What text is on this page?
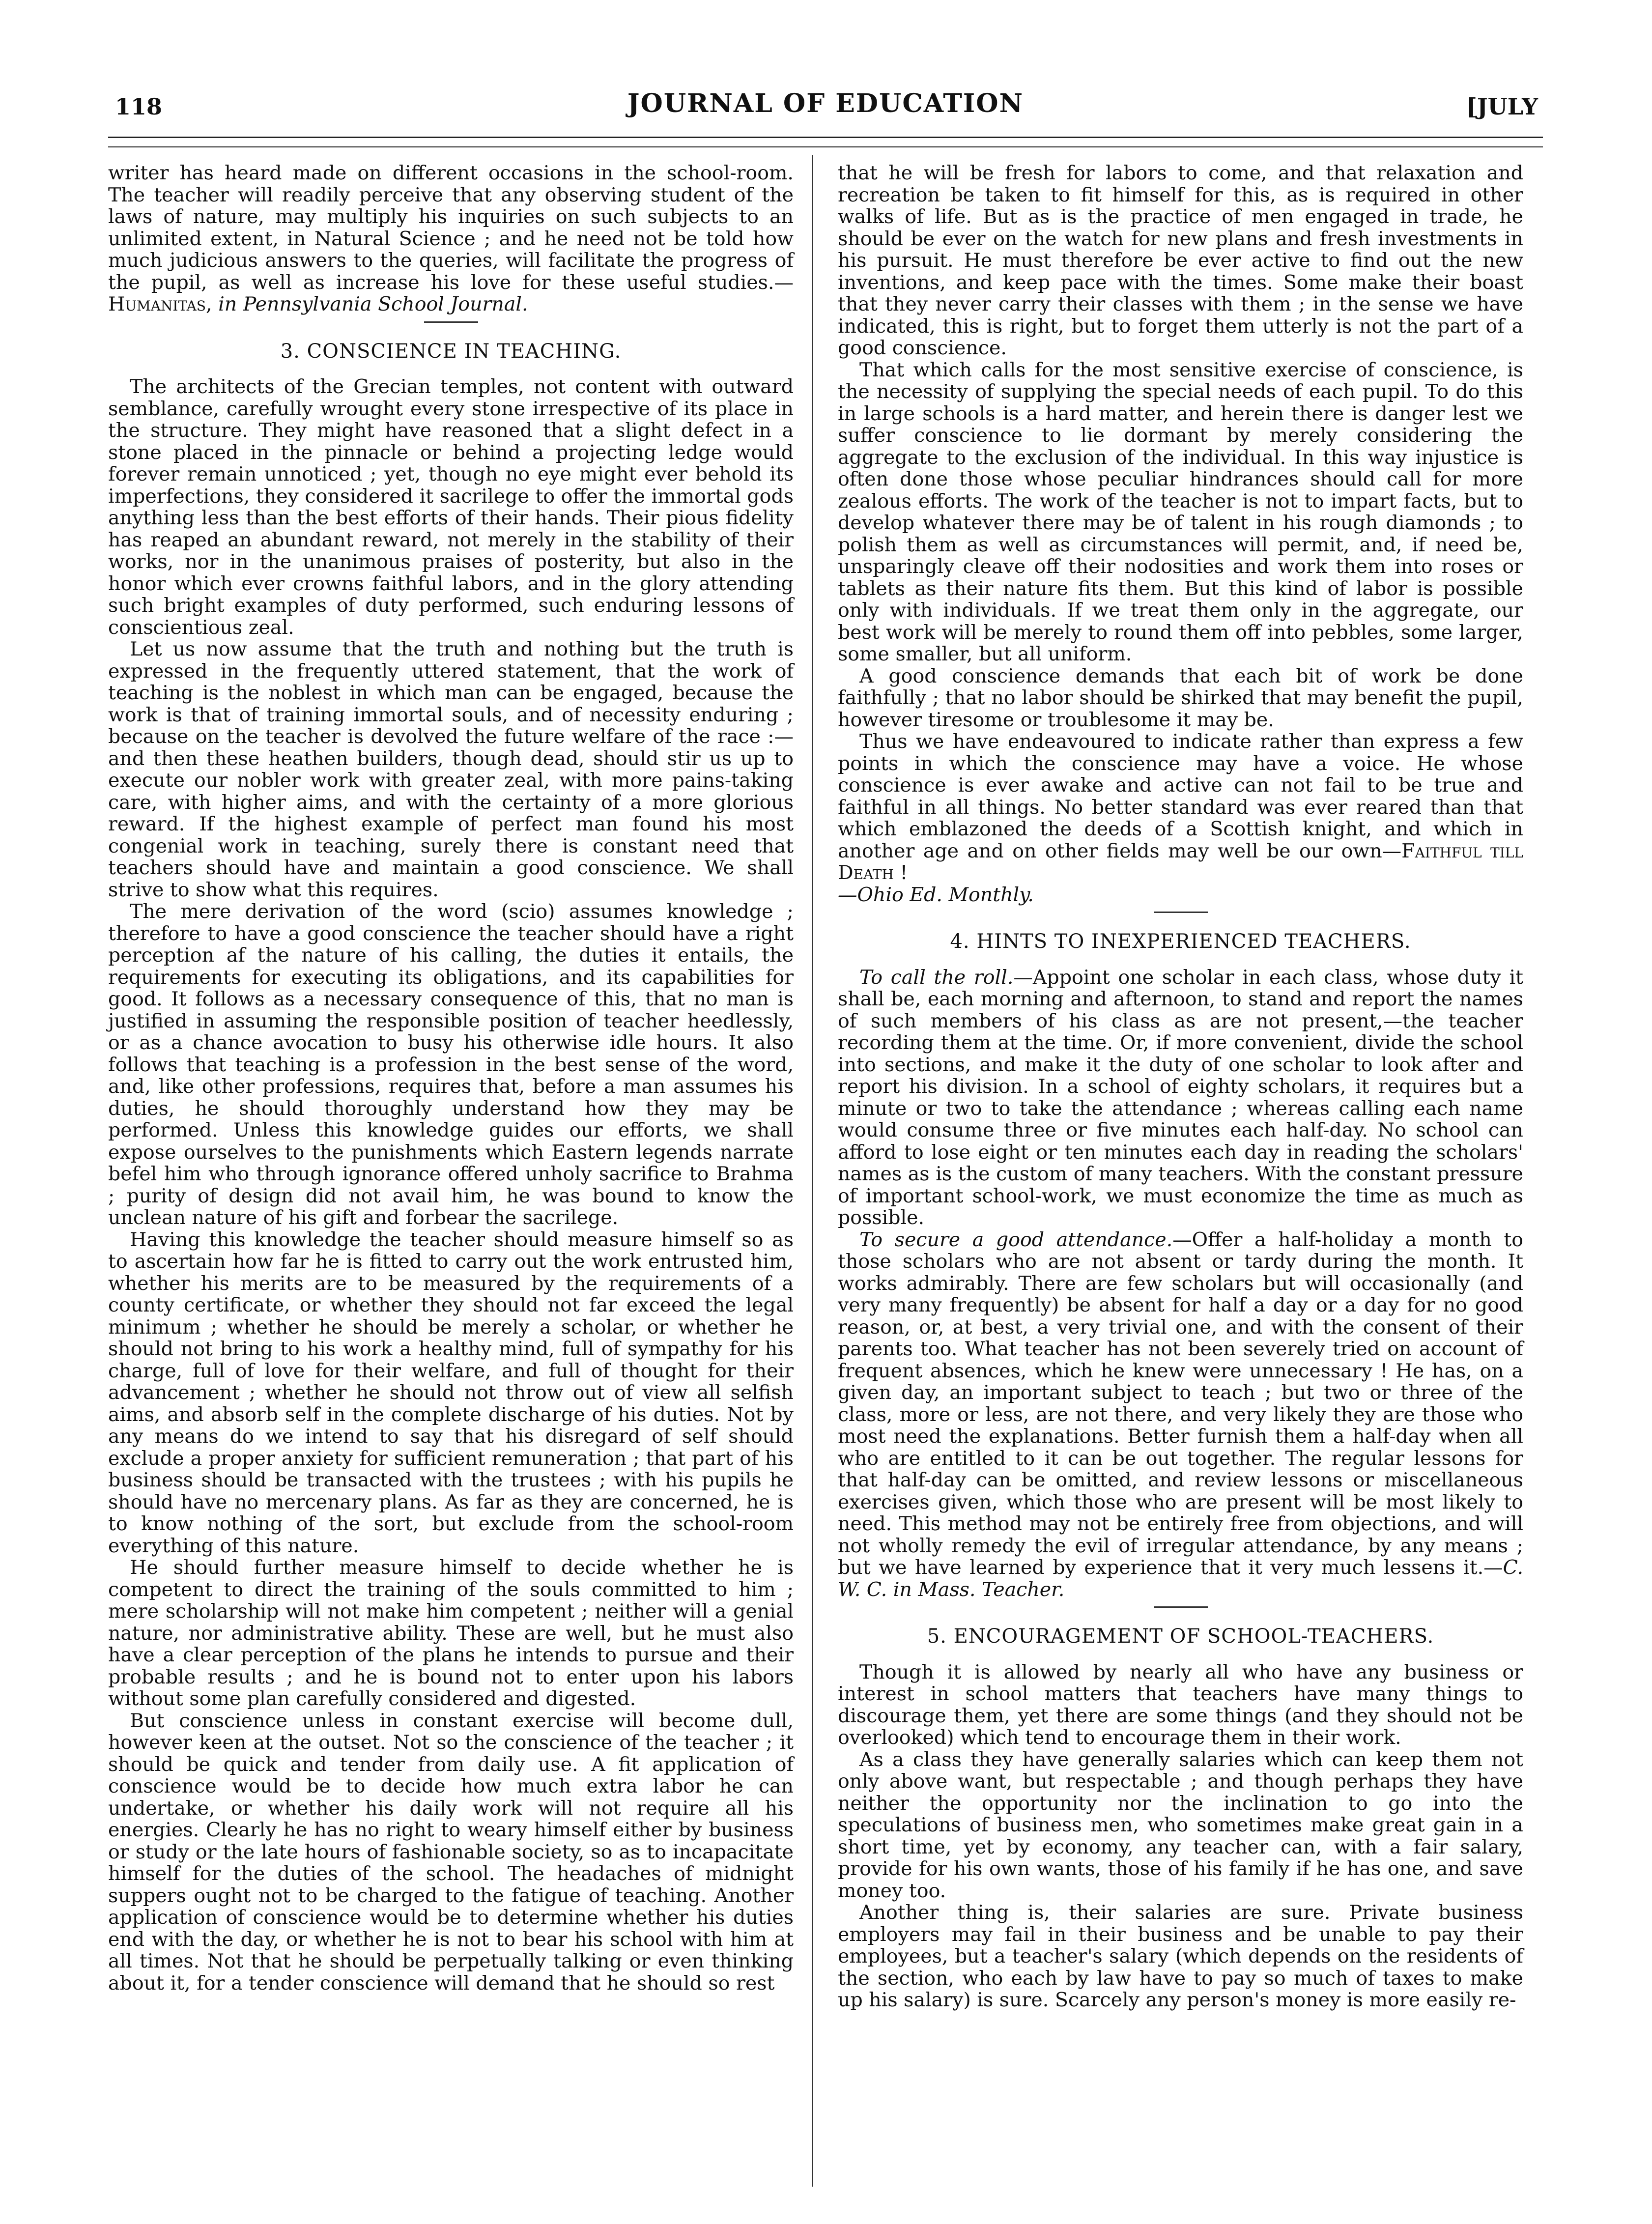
118	JOURNAL OF EDUCATION	[JULY

writer has heard made on different occasions in the school-room. The teacher will readily perceive that any observing student of the laws of nature, may multiply his inquiries on such subjects to an unlimited extent, in Natural Science ; and he need not be told how much judicious answers to the queries, will facilitate the progress of the pupil, as well as increase his love for these useful studies.—Humanitas, in Pennsylvania School Journal.

3. CONSCIENCE IN TEACHING.

The architects of the Grecian temples, not content with outward semblance, carefully wrought every stone irrespective of its place in the structure. They might have reasoned that a slight defect in a stone placed in the pinnacle or behind a projecting ledge would forever remain unnoticed ; yet, though no eye might ever behold its imperfections, they considered it sacrilege to offer the immortal gods anything less than the best efforts of their hands. Their pious fidelity has reaped an abundant reward, not merely in the stability of their works, nor in the unanimous praises of posterity, but also in the honor which ever crowns faithful labors, and in the glory attending such bright examples of duty performed, such enduring lessons of conscientious zeal.

Let us now assume that the truth and nothing but the truth is expressed in the frequently uttered statement, that the work of teaching is the noblest in which man can be engaged, because the work is that of training immortal souls, and of necessity enduring ; because on the teacher is devolved the future welfare of the race :—and then these heathen builders, though dead, should stir us up to execute our nobler work with greater zeal, with more pains-taking care, with higher aims, and with the certainty of a more glorious reward. If the highest example of perfect man found his most congenial work in teaching, surely there is constant need that teachers should have and maintain a good conscience. We shall strive to show what this requires.

The mere derivation of the word (scio) assumes knowledge ; therefore to have a good conscience the teacher should have a right perception af the nature of his calling, the duties it entails, the requirements for executing its obligations, and its capabilities for good. It follows as a necessary consequence of this, that no man is justified in assuming the responsible position of teacher heedlessly, or as a chance avocation to busy his otherwise idle hours. It also follows that teaching is a profession in the best sense of the word, and, like other professions, requires that, before a man assumes his duties, he should thoroughly understand how they may be performed. Unless this knowledge guides our efforts, we shall expose ourselves to the punishments which Eastern legends narrate befel him who through ignorance offered unholy sacrifice to Brahma ; purity of design did not avail him, he was bound to know the unclean nature of his gift and forbear the sacrilege.

Having this knowledge the teacher should measure himself so as to ascertain how far he is fitted to carry out the work entrusted him, whether his merits are to be measured by the requirements of a county certificate, or whether they should not far exceed the legal minimum ; whether he should be merely a scholar, or whether he should not bring to his work a healthy mind, full of sympathy for his charge, full of love for their welfare, and full of thought for their advancement ; whether he should not throw out of view all selfish aims, and absorb self in the complete discharge of his duties. Not by any means do we intend to say that his disregard of self should exclude a proper anxiety for sufficient remuneration ; that part of his business should be transacted with the trustees ; with his pupils he should have no mercenary plans. As far as they are concerned, he is to know nothing of the sort, but exclude from the school-room everything of this nature.

He should further measure himself to decide whether he is competent to direct the training of the souls committed to him ; mere scholarship will not make him competent ; neither will a genial nature, nor administrative ability. These are well, but he must also have a clear perception of the plans he intends to pursue and their probable results ; and he is bound not to enter upon his labors without some plan carefully considered and digested.

But conscience unless in constant exercise will become dull, however keen at the outset. Not so the conscience of the teacher ; it should be quick and tender from daily use. A fit application of conscience would be to decide how much extra labor he can undertake, or whether his daily work will not require all his energies. Clearly he has no right to weary himself either by business or study or the late hours of fashionable society, so as to incapacitate himself for the duties of the school. The headaches of midnight suppers ought not to be charged to the fatigue of teaching. Another application of conscience would be to determine whether his duties end with the day, or whether he is not to bear his school with him at all times. Not that he should be perpetually talking or even thinking about it, for a tender conscience will demand that he should so rest

that he will be fresh for labors to come, and that relaxation and recreation be taken to fit himself for this, as is required in other walks of life. But as is the practice of men engaged in trade, he should be ever on the watch for new plans and fresh investments in his pursuit. He must therefore be ever active to find out the new inventions, and keep pace with the times. Some make their boast that they never carry their classes with them ; in the sense we have indicated, this is right, but to forget them utterly is not the part of a good conscience.

That which calls for the most sensitive exercise of conscience, is the necessity of supplying the special needs of each pupil. To do this in large schools is a hard matter, and herein there is danger lest we suffer conscience to lie dormant by merely considering the aggregate to the exclusion of the individual. In this way injustice is often done those whose peculiar hindrances should call for more zealous efforts. The work of the teacher is not to impart facts, but to develop whatever there may be of talent in his rough diamonds ; to polish them as well as circumstances will permit, and, if need be, unsparingly cleave off their nodosities and work them into roses or tablets as their nature fits them. But this kind of labor is possible only with individuals. If we treat them only in the aggregate, our best work will be merely to round them off into pebbles, some larger, some smaller, but all uniform.

A good conscience demands that each bit of work be done faithfully ; that no labor should be shirked that may benefit the pupil, however tiresome or troublesome it may be.

Thus we have endeavoured to indicate rather than express a few points in which the conscience may have a voice. He whose conscience is ever awake and active can not fail to be true and faithful in all things. No better standard was ever reared than that which emblazoned the deeds of a Scottish knight, and which in another age and on other fields may well be our own—Faithful till Death !
—Ohio Ed. Monthly.

4. HINTS TO INEXPERIENCED TEACHERS.

To call the roll.—Appoint one scholar in each class, whose duty it shall be, each morning and afternoon, to stand and report the names of such members of his class as are not present,—the teacher recording them at the time. Or, if more convenient, divide the school into sections, and make it the duty of one scholar to look after and report his division. In a school of eighty scholars, it requires but a minute or two to take the attendance ; whereas calling each name would consume three or five minutes each half-day. No school can afford to lose eight or ten minutes each day in reading the scholars' names as is the custom of many teachers. With the constant pressure of important school-work, we must economize the time as much as possible.

To secure a good attendance.—Offer a half-holiday a month to those scholars who are not absent or tardy during the month. It works admirably. There are few scholars but will occasionally (and very many frequently) be absent for half a day or a day for no good reason, or, at best, a very trivial one, and with the consent of their parents too. What teacher has not been severely tried on account of frequent absences, which he knew were unnecessary ! He has, on a given day, an important subject to teach ; but two or three of the class, more or less, are not there, and very likely they are those who most need the explanations. Better furnish them a half-day when all who are entitled to it can be out together. The regular lessons for that half-day can be omitted, and review lessons or miscellaneous exercises given, which those who are present will be most likely to need. This method may not be entirely free from objections, and will not wholly remedy the evil of irregular attendance, by any means ; but we have learned by experience that it very much lessens it.—C. W. C. in Mass. Teacher.

5. ENCOURAGEMENT OF SCHOOL-TEACHERS.

Though it is allowed by nearly all who have any business or interest in school matters that teachers have many things to discourage them, yet there are some things (and they should not be overlooked) which tend to encourage them in their work.

As a class they have generally salaries which can keep them not only above want, but respectable ; and though perhaps they have neither the opportunity nor the inclination to go into the speculations of business men, who sometimes make great gain in a short time, yet by economy, any teacher can, with a fair salary, provide for his own wants, those of his family if he has one, and save money too.

Another thing is, their salaries are sure. Private business employers may fail in their business and be unable to pay their employees, but a teacher's salary (which depends on the residents of the section, who each by law have to pay so much of taxes to make up his salary) is sure. Scarcely any person's money is more easily re-
